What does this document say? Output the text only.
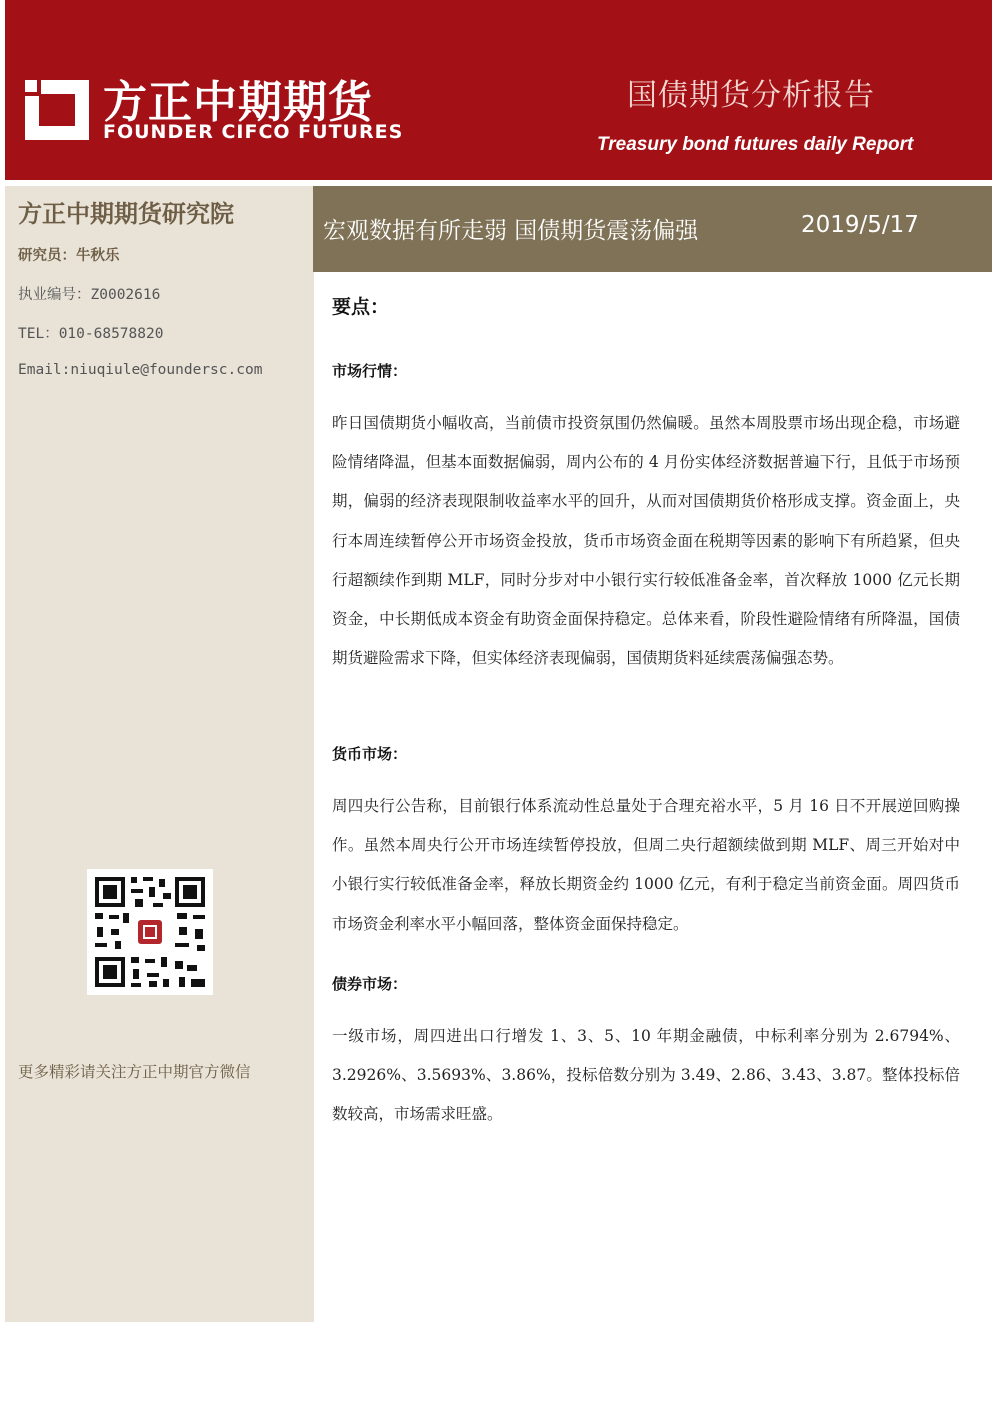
方正中期期货
FOUNDER CIFCO FUTURES
国债期货分析报告
Treasury bond futures daily Report
方正中期期货研究院
研究员：牛秋乐
执业编号：Z0002616
TEL：010-68578820
Email:niuqiule@foundersc.com
更多精彩请关注方正中期官方微信
宏观数据有所走弱 国债期货震荡偏强	2019/5/17
要点：
市场行情：
昨日国债期货小幅收高，当前债市投资氛围仍然偏暖。虽然本周股票市场出现企稳，市场避险情绪降温，但基本面数据偏弱，周内公布的 4 月份实体经济数据普遍下行，且低于市场预期，偏弱的经济表现限制收益率水平的回升，从而对国债期货价格形成支撑。资金面上，央行本周连续暂停公开市场资金投放，货币市场资金面在税期等因素的影响下有所趋紧，但央行超额续作到期 MLF，同时分步对中小银行实行较低准备金率，首次释放 1000 亿元长期资金，中长期低成本资金有助资金面保持稳定。总体来看，阶段性避险情绪有所降温，国债期货避险需求下降，但实体经济表现偏弱，国债期货料延续震荡偏强态势。
货币市场：
周四央行公告称，目前银行体系流动性总量处于合理充裕水平，5 月 16 日不开展逆回购操作。虽然本周央行公开市场连续暂停投放，但周二央行超额续做到期 MLF、周三开始对中小银行实行较低准备金率，释放长期资金约 1000 亿元，有利于稳定当前资金面。周四货币市场资金利率水平小幅回落，整体资金面保持稳定。
债券市场：
一级市场，周四进出口行增发 1、3、5、10 年期金融债，中标利率分别为 2.6794%、3.2926%、3.5693%、3.86%，投标倍数分别为 3.49、2.86、3.43、3.87。整体投标倍数较高，市场需求旺盛。
